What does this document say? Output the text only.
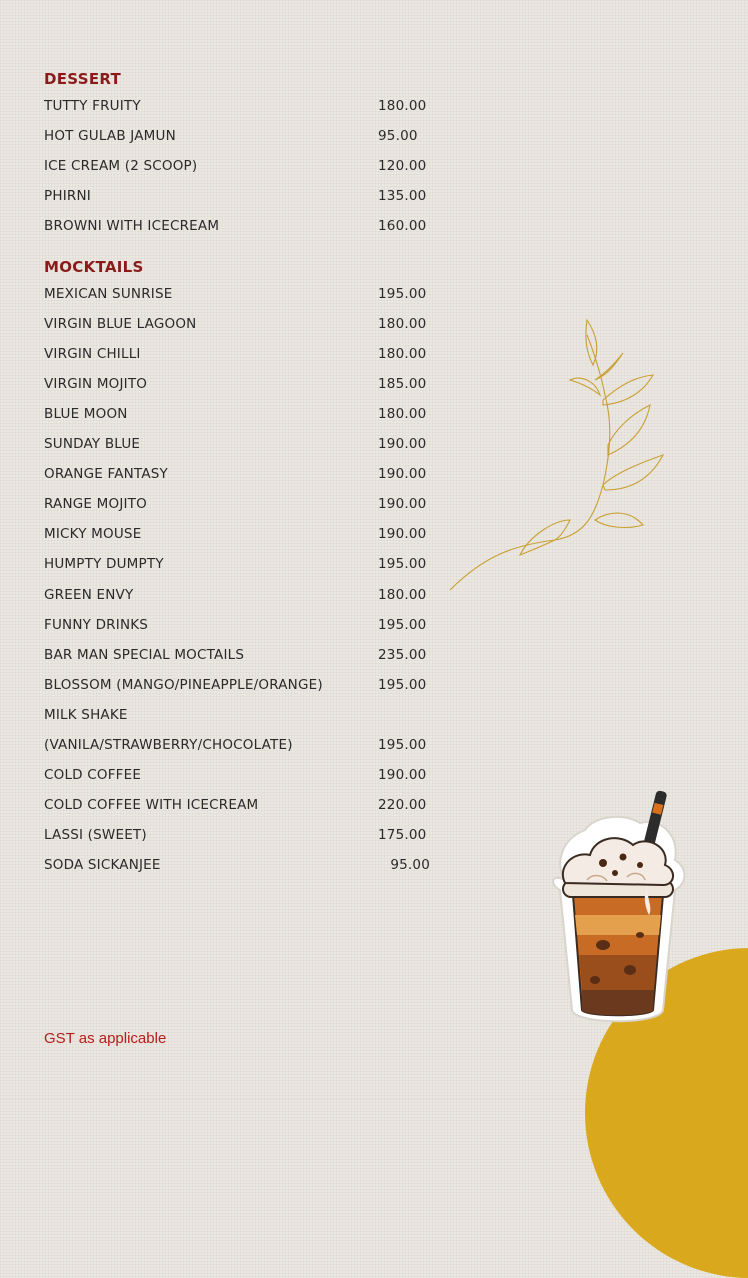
DESSERT
TUTTY FRUITY	180.00
HOT GULAB JAMUN	95.00
ICE CREAM (2 SCOOP)	120.00
PHIRNI	135.00
BROWNI WITH ICECREAM	160.00
MOCKTAILS
MEXICAN SUNRISE	195.00
VIRGIN BLUE LAGOON	180.00
VIRGIN CHILLI	180.00
VIRGIN MOJITO	185.00
BLUE MOON	180.00
SUNDAY BLUE	190.00
ORANGE FANTASY	190.00
RANGE MOJITO	190.00
MICKY MOUSE	190.00
HUMPTY DUMPTY	195.00
GREEN ENVY	180.00
FUNNY DRINKS	195.00
BAR MAN SPECIAL MOCTAILS	235.00
BLOSSOM (MANGO/PINEAPPLE/ORANGE)	195.00
MILK SHAKE
(VANILA/STRAWBERRY/CHOCOLATE)	195.00
COLD COFFEE	190.00
COLD COFFEE WITH ICECREAM	220.00
LASSI (SWEET)	175.00
SODA SICKANJEE	95.00
GST as applicable
